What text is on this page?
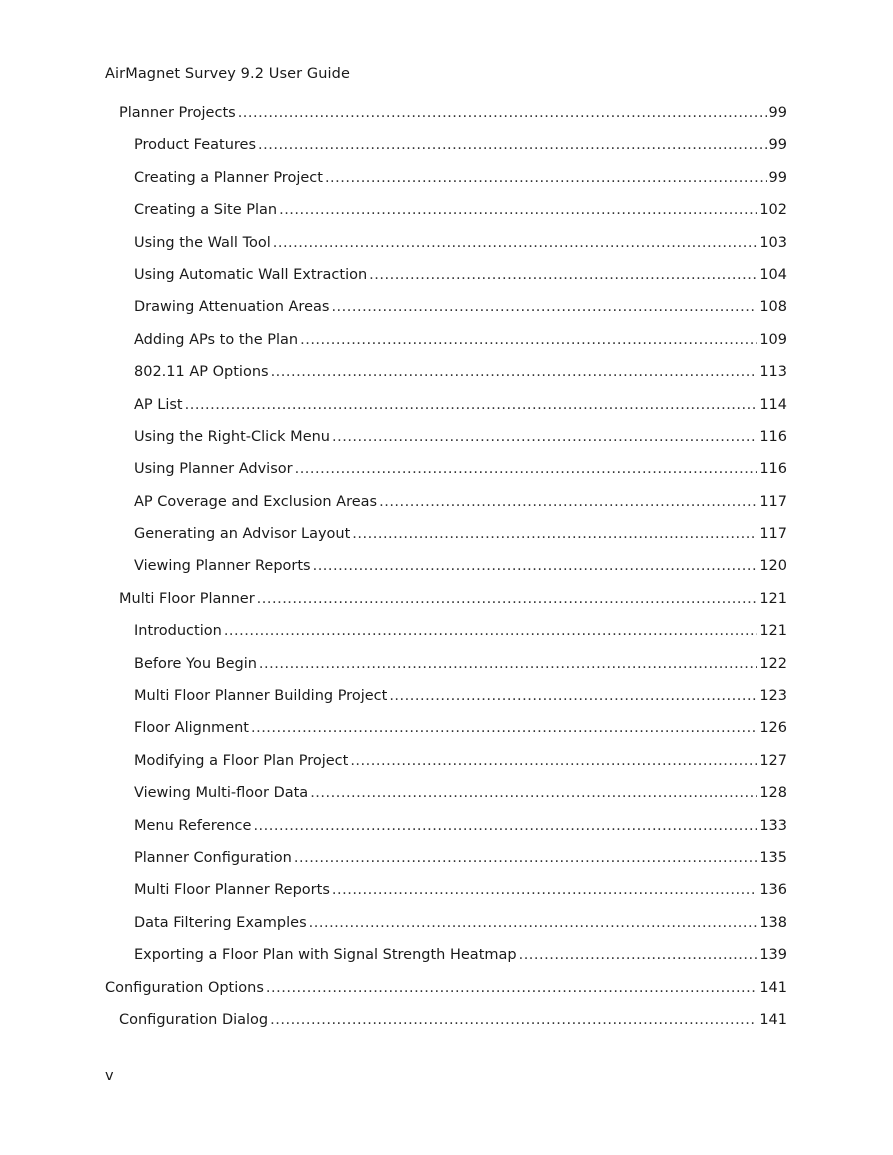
AirMagnet Survey 9.2 User Guide
Planner Projects .....	99
Product Features .....	99
Creating a Planner Project .....	99
Creating a Site Plan .....	102
Using the Wall Tool .....	103
Using Automatic Wall Extraction .....	104
Drawing Attenuation Areas .....	108
Adding APs to the Plan .....	109
802.11 AP Options .....	113
AP List .....	114
Using the Right-Click Menu .....	116
Using Planner Advisor .....	116
AP Coverage and Exclusion Areas .....	117
Generating an Advisor Layout .....	117
Viewing Planner Reports .....	120
Multi Floor Planner .....	121
Introduction .....	121
Before You Begin .....	122
Multi Floor Planner Building Project .....	123
Floor Alignment .....	126
Modifying a Floor Plan Project .....	127
Viewing Multi-floor Data .....	128
Menu Reference .....	133
Planner Configuration .....	135
Multi Floor Planner Reports .....	136
Data Filtering Examples .....	138
Exporting a Floor Plan with Signal Strength Heatmap .....	139
Configuration Options .....	141
Configuration Dialog .....	141
v
